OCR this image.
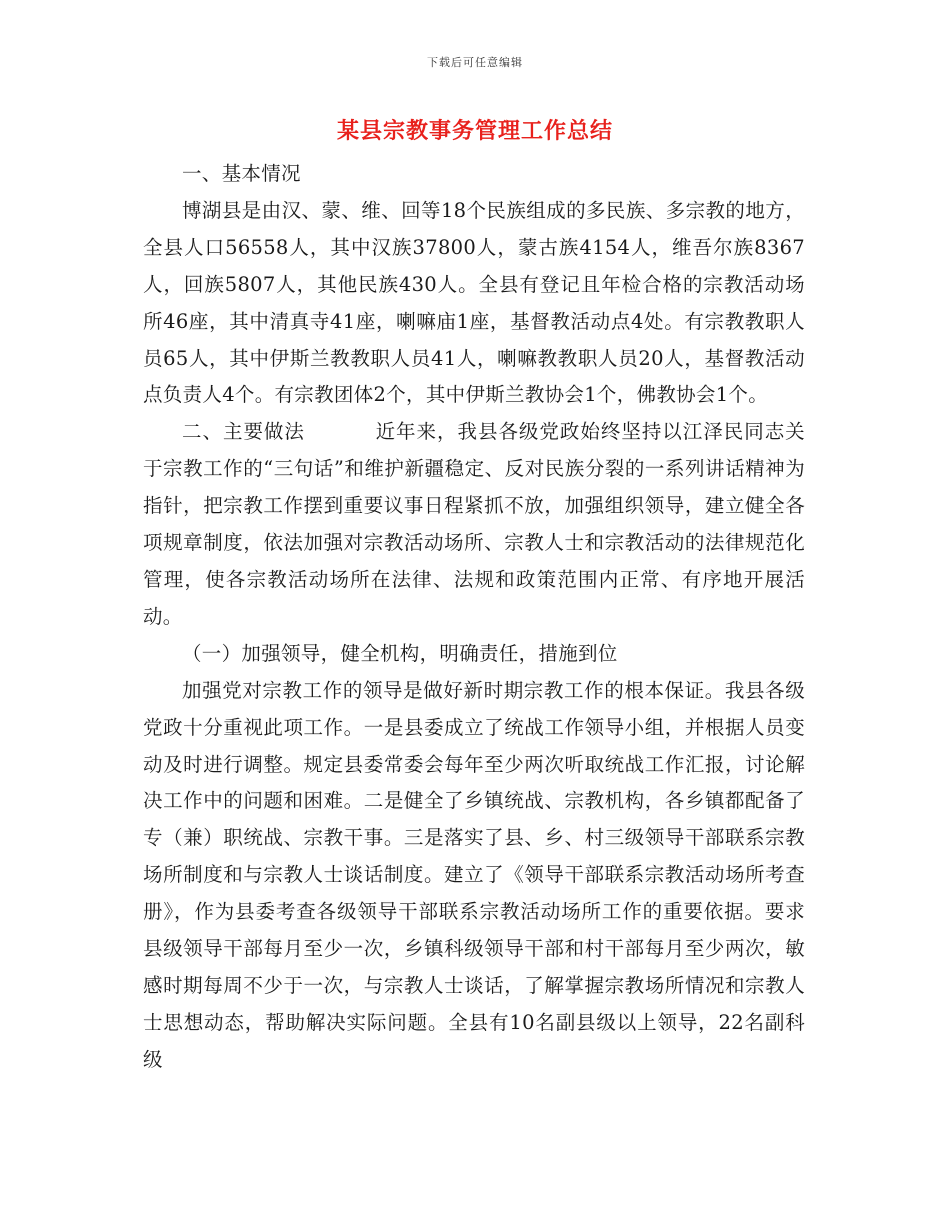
下载后可任意编辑
某县宗教事务管理工作总结

一、基本情况

博湖县是由汉、蒙、维、回等18个民族组成的多民族、多宗教的地方，全县人口56558人，其中汉族37800人，蒙古族4154人，维吾尔族8367人，回族5807人，其他民族430人。全县有登记且年检合格的宗教活动场所46座，其中清真寺41座，喇嘛庙1座，基督教活动点4处。有宗教教职人员65人，其中伊斯兰教教职人员41人，喇嘛教教职人员20人，基督教活动点负责人4个。有宗教团体2个，其中伊斯兰教协会1个，佛教协会1个。

二、主要做法	近年来，我县各级党政始终坚持以江泽民同志关于宗教工作的“三句话”和维护新疆稳定、反对民族分裂的一系列讲话精神为指针，把宗教工作摆到重要议事日程紧抓不放，加强组织领导，建立健全各项规章制度，依法加强对宗教活动场所、宗教人士和宗教活动的法律规范化管理，使各宗教活动场所在法律、法规和政策范围内正常、有序地开展活动。

（一）加强领导，健全机构，明确责任，措施到位

加强党对宗教工作的领导是做好新时期宗教工作的根本保证。我县各级党政十分重视此项工作。一是县委成立了统战工作领导小组，并根据人员变动及时进行调整。规定县委常委会每年至少两次听取统战工作汇报，讨论解决工作中的问题和困难。二是健全了乡镇统战、宗教机构，各乡镇都配备了专（兼）职统战、宗教干事。三是落实了县、乡、村三级领导干部联系宗教场所制度和与宗教人士谈话制度。建立了《领导干部联系宗教活动场所考查册》，作为县委考查各级领导干部联系宗教活动场所工作的重要依据。要求县级领导干部每月至少一次，乡镇科级领导干部和村干部每月至少两次，敏感时期每周不少于一次，与宗教人士谈话，了解掌握宗教场所情况和宗教人士思想动态，帮助解决实际问题。全县有10名副县级以上领导，22名副科级
